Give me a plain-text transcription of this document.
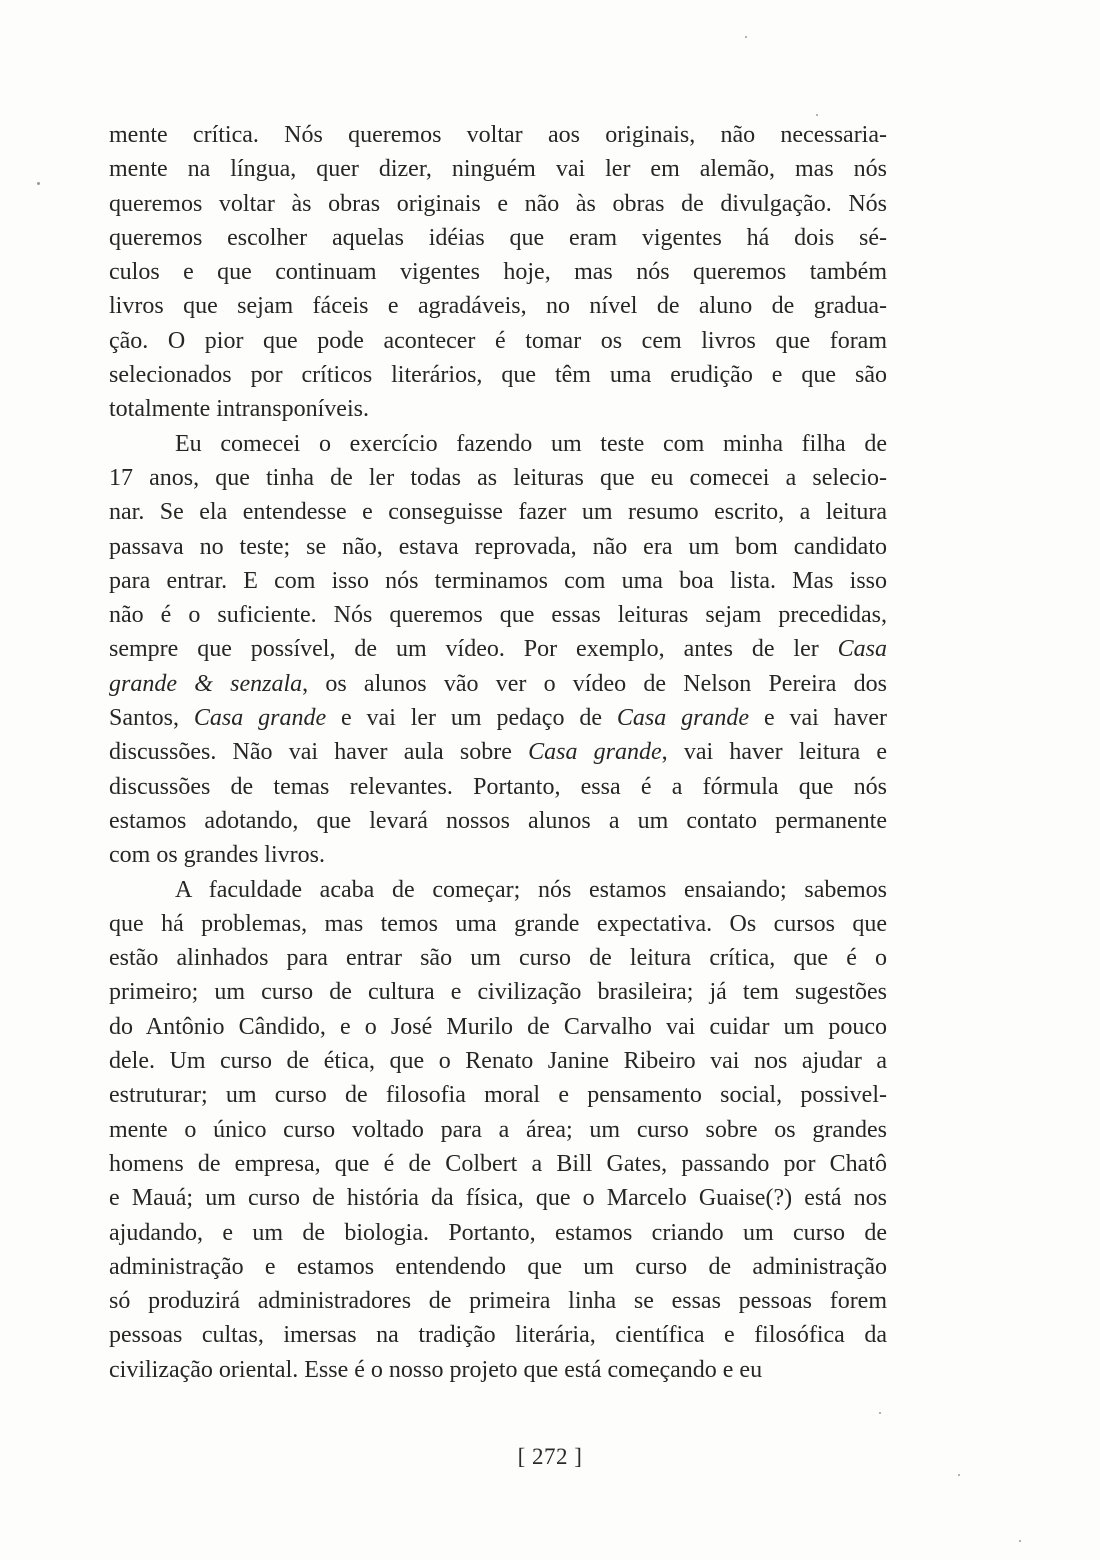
mente crítica. Nós queremos voltar aos originais, não necessaria-
mente na língua, quer dizer, ninguém vai ler em alemão, mas nós
queremos voltar às obras originais e não às obras de divulgação. Nós
queremos escolher aquelas idéias que eram vigentes há dois sé-
culos e que continuam vigentes hoje, mas nós queremos também
livros que sejam fáceis e agradáveis, no nível de aluno de gradua-
ção. O pior que pode acontecer é tomar os cem livros que foram
selecionados por críticos literários, que têm uma erudição e que são
totalmente intransponíveis.
Eu comecei o exercício fazendo um teste com minha filha de
17 anos, que tinha de ler todas as leituras que eu comecei a selecio-
nar. Se ela entendesse e conseguisse fazer um resumo escrito, a leitura
passava no teste; se não, estava reprovada, não era um bom candidato
para entrar. E com isso nós terminamos com uma boa lista. Mas isso
não é o suficiente. Nós queremos que essas leituras sejam precedidas,
sempre que possível, de um vídeo. Por exemplo, antes de ler Casa
grande & senzala, os alunos vão ver o vídeo de Nelson Pereira dos
Santos, Casa grande e vai ler um pedaço de Casa grande e vai haver
discussões. Não vai haver aula sobre Casa grande, vai haver leitura e
discussões de temas relevantes. Portanto, essa é a fórmula que nós
estamos adotando, que levará nossos alunos a um contato permanente
com os grandes livros.
A faculdade acaba de começar; nós estamos ensaiando; sabemos
que há problemas, mas temos uma grande expectativa. Os cursos que
estão alinhados para entrar são um curso de leitura crítica, que é o
primeiro; um curso de cultura e civilização brasileira; já tem sugestões
do Antônio Cândido, e o José Murilo de Carvalho vai cuidar um pouco
dele. Um curso de ética, que o Renato Janine Ribeiro vai nos ajudar a
estruturar; um curso de filosofia moral e pensamento social, possivel-
mente o único curso voltado para a área; um curso sobre os grandes
homens de empresa, que é de Colbert a Bill Gates, passando por Chatô
e Mauá; um curso de história da física, que o Marcelo Guaise(?) está nos
ajudando, e um de biologia. Portanto, estamos criando um curso de
administração e estamos entendendo que um curso de administração
só produzirá administradores de primeira linha se essas pessoas forem
pessoas cultas, imersas na tradição literária, científica e filosófica da
civilização oriental. Esse é o nosso projeto que está começando e eu
[ 272 ]
